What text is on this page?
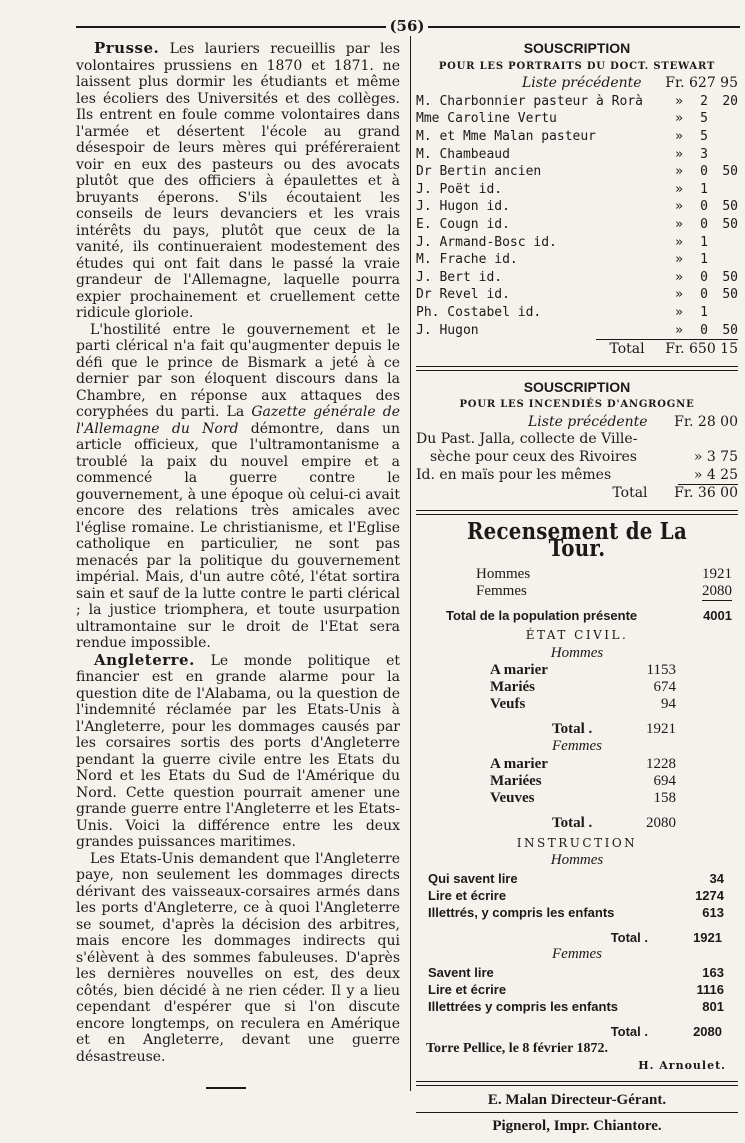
(56)

Prusse. Les lauriers recueillis par les volontaires prussiens en 1870 et 1871. ne laissent plus dormir les étudiants et même les écoliers des Universités et des collèges. Ils entrent en foule comme volontaires dans l'armée et désertent l'école au grand désespoir de leurs mères qui préféreraient voir en eux des pasteurs ou des avocats plutôt que des officiers à épaulettes et à bruyants éperons. S'ils écoutaient les conseils de leurs devanciers et les vrais intérêts du pays, plutôt que ceux de la vanité, ils continueraient modestement des études qui ont fait dans le passé la vraie grandeur de l'Allemagne, laquelle pourra expier prochainement et cruellement cette ridicule gloriole.

L'hostilité entre le gouvernement et le parti clérical n'a fait qu'augmenter depuis le défi que le prince de Bismark a jeté à ce dernier par son éloquent discours dans la Chambre, en réponse aux attaques des coryphées du parti. La Gazette générale de l'Allemagne du Nord démontre, dans un article officieux, que l'ultramontanisme a troublé la paix du nouvel empire et a commencé la guerre contre le gouvernement, à une époque où celui-ci avait encore des relations très amicales avec l'église romaine. Le christianisme, et l'Eglise catholique en particulier, ne sont pas menacés par la politique du gouvernement impérial. Mais, d'un autre côté, l'état sortira sain et sauf de la lutte contre le parti clérical ; la justice triomphera, et toute usurpation ultramontaine sur le droit de l'Etat sera rendue impossible.

Angleterre. Le monde politique et financier est en grande alarme pour la question dite de l'Alabama, ou la question de l'indemnité réclamée par les Etats-Unis à l'Angleterre, pour les dommages causés par les corsaires sortis des ports d'Angleterre pendant la guerre civile entre les Etats du Nord et les Etats du Sud de l'Amérique du Nord. Cette question pourrait amener une grande guerre entre l'Angleterre et les Etats-Unis. Voici la différence entre les deux grandes puissances maritimes.

Les Etats-Unis demandent que l'Angleterre paye, non seulement les dommages directs dérivant des vaisseaux-corsaires armés dans les ports d'Angleterre, ce à quoi l'Angleterre se soumet, d'après la décision des arbitres, mais encore les dommages indirects qui s'élèvent à des sommes fabuleuses. D'après les dernières nouvelles on est, des deux côtés, bien décidé à ne rien céder. Il y a lieu cependant d'espérer que si l'on discute encore longtemps, on reculera en Amérique et en Angleterre, devant une guerre désastreuse.

SOUSCRIPTION
POUR LES PORTRAITS DU DOCT. STEWART
Liste précédente Fr. 627 95
M. Charbonnier pasteur à Rorà	»	2	20
Mme Caroline Vertu	»	5
M. et Mme Malan pasteur	»	5
M. Chambeaud	»	3
Dr Bertin ancien	»	0	50
J. Poët id.	»	1
J. Hugon id.	»	0	50
E. Cougn id.	»	0	50
J. Armand-Bosc id.	»	1
M. Frache id.	»	1
J. Bert id.	»	0	50
Dr Revel id.	»	0	50
Ph. Costabel id.	»	1
J. Hugon	»	0	50
Total Fr. 650 15
SOUSCRIPTION
POUR LES INCENDIÉS D'ANGROGNE
Liste précédente Fr. 28 00
Du Past. Jalla, collecte de Ville-
sèche pour ceux des Rivoires	» 3 75
Id. en maïs pour les mêmes	» 4 25
Total Fr. 36 00
Recensement de La Tour.
Hommes	1921
Femmes	2080
Total de la population présente	4001
ÉTAT CIVIL.
Hommes
A marier	1153
Mariés	674
Veufs	94
Total .	1921
Femmes
A marier	1228
Mariées	694
Veuves	158
Total .	2080
INSTRUCTION
Hommes
Qui savent lire	34
Lire et écrire	1274
Illettrés, y compris les enfants	613
Total .	1921
Femmes
Savent lire	163
Lire et écrire	1116
Illettrées y compris les enfants	801
Total .	2080
Torre Pellice, le 8 février 1872.
H. Arnoulet.
E. Malan Directeur-Gérant.
Pignerol, Impr. Chiantore.
